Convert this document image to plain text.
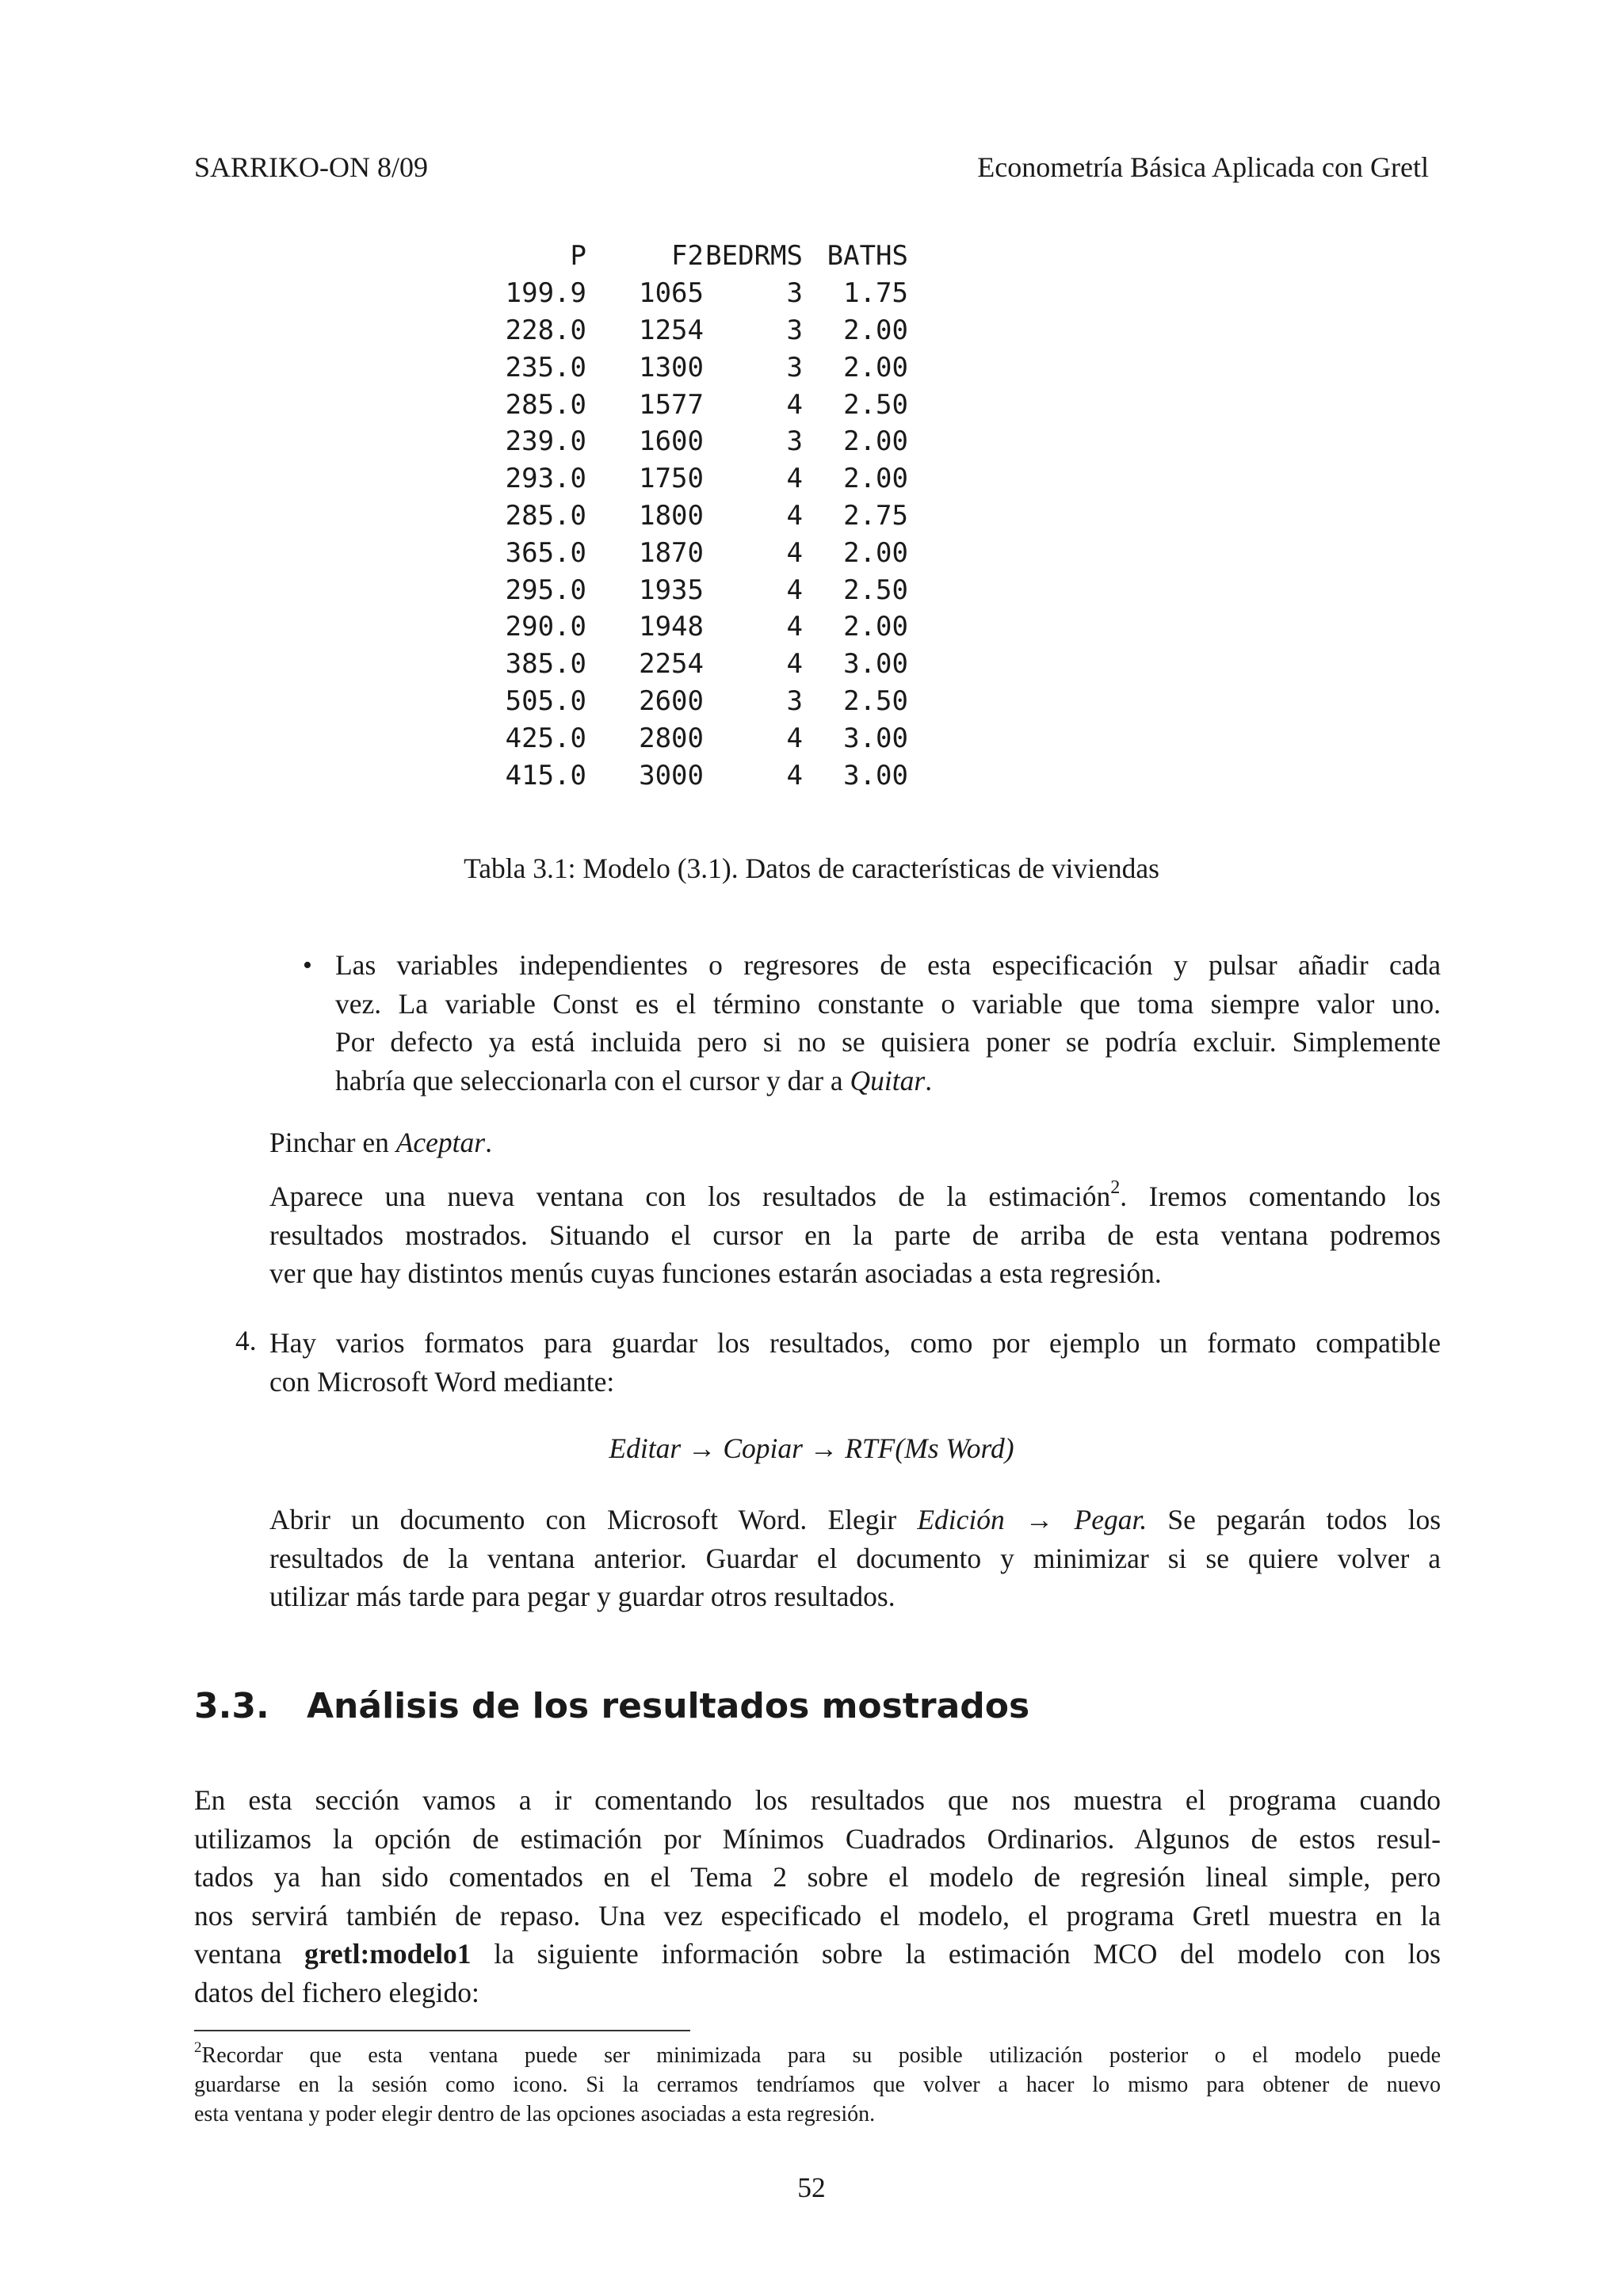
SARRIKO-ON 8/09	Econometría Básica Aplicada con Gretl
P	F2	BEDRMS	BATHS
199.9	1065	3	1.75
228.0	1254	3	2.00
235.0	1300	3	2.00
285.0	1577	4	2.50
239.0	1600	3	2.00
293.0	1750	4	2.00
285.0	1800	4	2.75
365.0	1870	4	2.00
295.0	1935	4	2.50
290.0	1948	4	2.00
385.0	2254	4	3.00
505.0	2600	3	2.50
425.0	2800	4	3.00
415.0	3000	4	3.00
Tabla 3.1: Modelo (3.1). Datos de características de viviendas
• Las variables independientes o regresores de esta especificación y pulsar añadir cada
vez. La variable Const es el término constante o variable que toma siempre valor uno.
Por defecto ya está incluida pero si no se quisiera poner se podría excluir. Simplemente
habría que seleccionarla con el cursor y dar a Quitar.
Pinchar en Aceptar.
Aparece una nueva ventana con los resultados de la estimación$^2$. Iremos comentando los
resultados mostrados. Situando el cursor en la parte de arriba de esta ventana podremos
ver que hay distintos menús cuyas funciones estarán asociadas a esta regresión.
4. Hay varios formatos para guardar los resultados, como por ejemplo un formato compatible
con Microsoft Word mediante:
Editar → Copiar → RTF(Ms Word)
Abrir un documento con Microsoft Word. Elegir Edición → Pegar. Se pegarán todos los
resultados de la ventana anterior. Guardar el documento y minimizar si se quiere volver a
utilizar más tarde para pegar y guardar otros resultados.
3.3. Análisis de los resultados mostrados
En esta sección vamos a ir comentando los resultados que nos muestra el programa cuando
utilizamos la opción de estimación por Mínimos Cuadrados Ordinarios. Algunos de estos resul-
tados ya han sido comentados en el Tema 2 sobre el modelo de regresión lineal simple, pero
nos servirá también de repaso. Una vez especificado el modelo, el programa Gretl muestra en la
ventana gretl:modelo1 la siguiente información sobre la estimación MCO del modelo con los
datos del fichero elegido:
$^2$Recordar que esta ventana puede ser minimizada para su posible utilización posterior o el modelo puede
guardarse en la sesión como icono. Si la cerramos tendríamos que volver a hacer lo mismo para obtener de nuevo
esta ventana y poder elegir dentro de las opciones asociadas a esta regresión.
52
